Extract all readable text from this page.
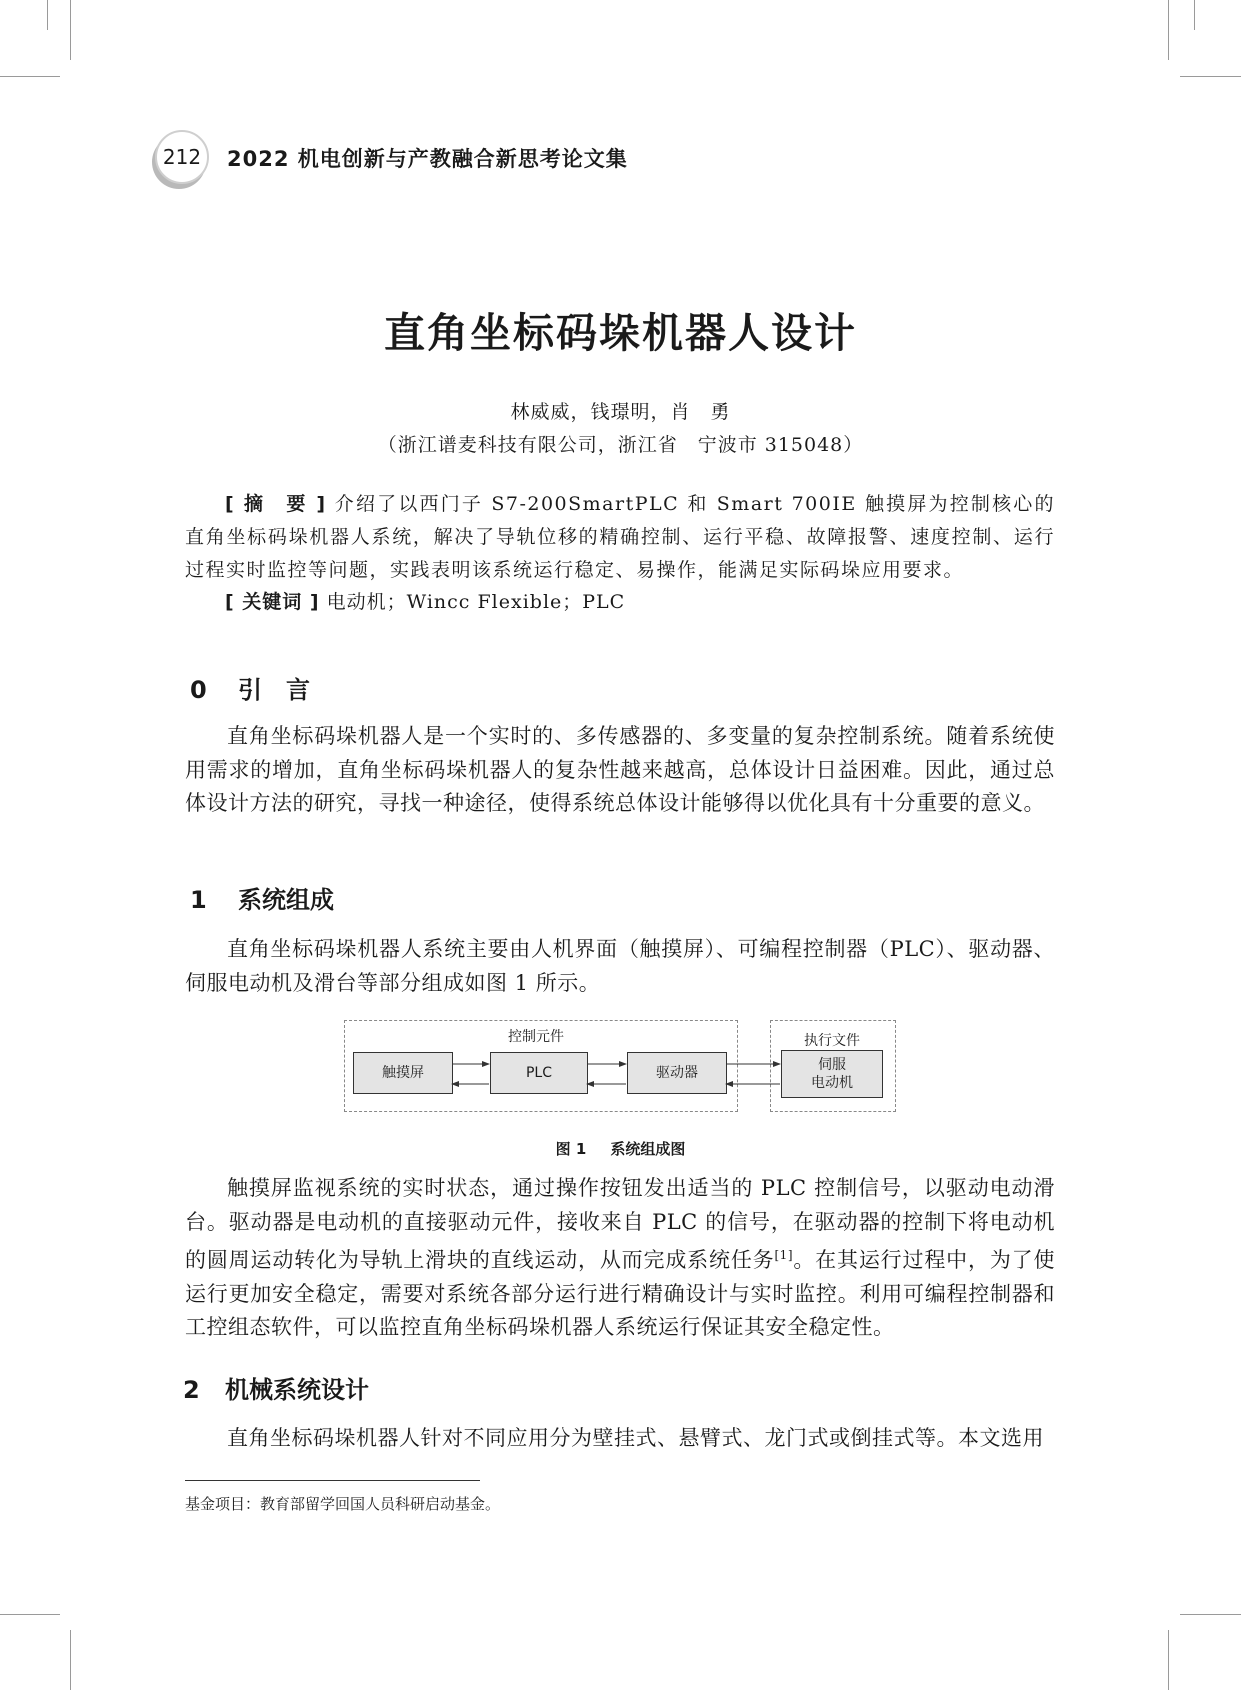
212	2022 机电创新与产教融合新思考论文集
直角坐标码垛机器人设计
林威威，钱璟明，肖　勇
（浙江谱麦科技有限公司，浙江省　宁波市 315048）

[ 摘　要 ] 介绍了以西门子 S7-200SmartPLC 和 Smart 700IE 触摸屏为控制核心的直角坐标码垛机器人系统，解决了导轨位移的精确控制、运行平稳、故障报警、速度控制、运行过程实时监控等问题，实践表明该系统运行稳定、易操作，能满足实际码垛应用要求。

[ 关键词 ] 电动机；Wincc Flexible；PLC
0 引　言

直角坐标码垛机器人是一个实时的、多传感器的、多变量的复杂控制系统。随着系统使用需求的增加，直角坐标码垛机器人的复杂性越来越高，总体设计日益困难。因此，通过总体设计方法的研究，寻找一种途径，使得系统总体设计能够得以优化具有十分重要的意义。

1 系统组成

直角坐标码垛机器人系统主要由人机界面（触摸屏）、可编程控制器（PLC）、驱动器、伺服电动机及滑台等部分组成如图 1 所示。

控制元件	执行文件
触摸屏	PLC	驱动器	伺服
电动机
图 1 系统组成图

触摸屏监视系统的实时状态，通过操作按钮发出适当的 PLC 控制信号，以驱动电动滑台。驱动器是电动机的直接驱动元件，接收来自 PLC 的信号，在驱动器的控制下将电动机的圆周运动转化为导轨上滑块的直线运动，从而完成系统任务[1]。在其运行过程中，为了使运行更加安全稳定，需要对系统各部分运行进行精确设计与实时监控。利用可编程控制器和工控组态软件，可以监控直角坐标码垛机器人系统运行保证其安全稳定性。

2 机械系统设计

直角坐标码垛机器人针对不同应用分为壁挂式、悬臂式、龙门式或倒挂式等。本文选用

基金项目：教育部留学回国人员科研启动基金。
